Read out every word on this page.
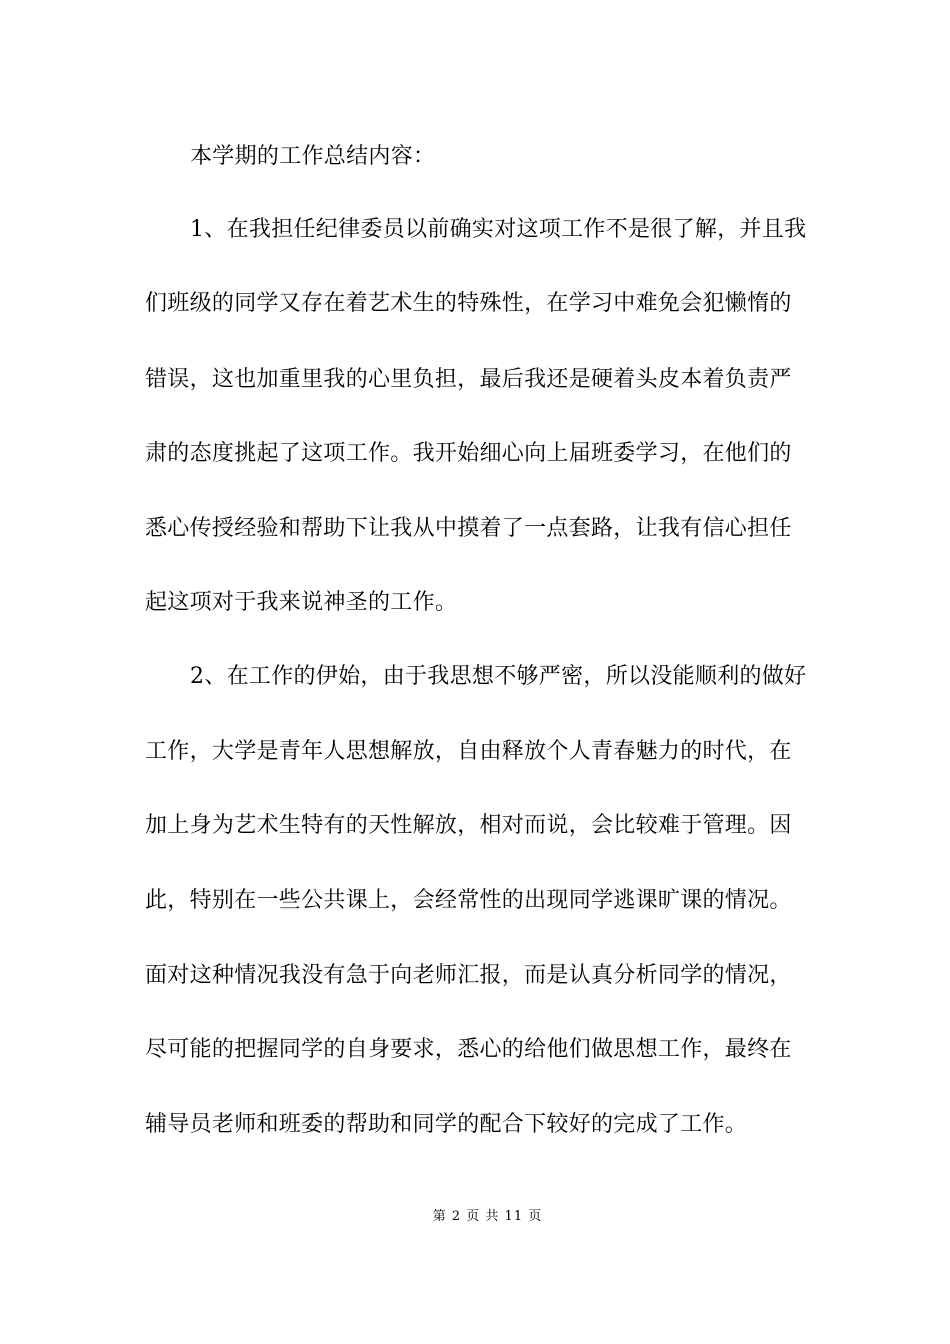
本学期的工作总结内容：
1、在我担任纪律委员以前确实对这项工作不是很了解，并且我
们班级的同学又存在着艺术生的特殊性，在学习中难免会犯懒惰的
错误，这也加重里我的心里负担，最后我还是硬着头皮本着负责严
肃的态度挑起了这项工作。我开始细心向上届班委学习，在他们的
悉心传授经验和帮助下让我从中摸着了一点套路，让我有信心担任
起这项对于我来说神圣的工作。
2、在工作的伊始，由于我思想不够严密，所以没能顺利的做好
工作，大学是青年人思想解放，自由释放个人青春魅力的时代，在
加上身为艺术生特有的天性解放，相对而说，会比较难于管理。因
此，特别在一些公共课上，会经常性的出现同学逃课旷课的情况。
面对这种情况我没有急于向老师汇报，而是认真分析同学的情况，
尽可能的把握同学的自身要求，悉心的给他们做思想工作，最终在
辅导员老师和班委的帮助和同学的配合下较好的完成了工作。
第 2 页 共 11 页
